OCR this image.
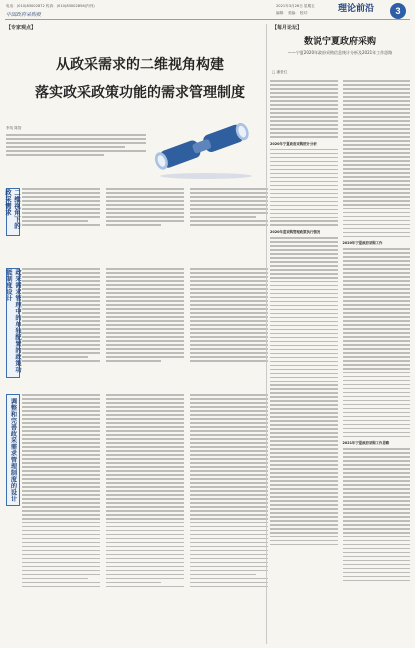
电话：(010)83002872 传真：(010)83002856(内刊)
中国政府采购报
2021年3月26日 星期五
编辑： 美编： 校对：	理论前沿	3
【专家观点】
从政采需求的二维视角构建
落实政采政策功能的需求管理制度
李英 陈智
二维视角下的政采需求
政采需求管理中的单独配置的政策功能制度设计
调整和完善政采需求管理制度的设计
【每月论坛】
数说宁夏政府采购
——宁夏2020年政府采购信息统计分析及2021年工作思路
□ 潘爱红
2020年宁夏政府采购统计分析
2020年度采购管理政策执行情况
2020年宁夏政府采购工作
2021年宁夏政府采购工作思路
